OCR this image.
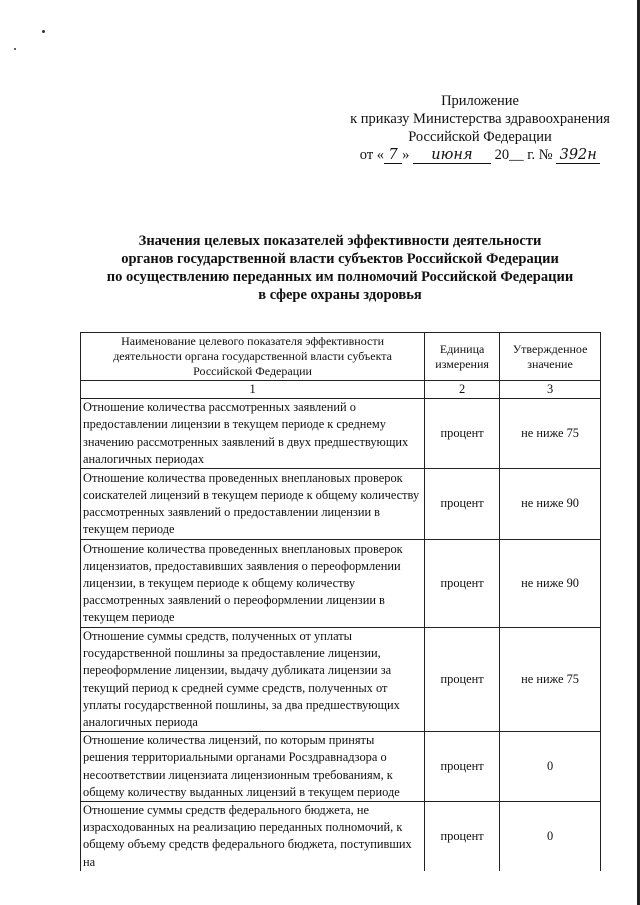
Приложение
к приказу Министерства здравоохранения
Российской Федерации
от « 7 » июня 20__ г. № 392н
Значения целевых показателей эффективности деятельности
органов государственной власти субъектов Российской Федерации
по осуществлению переданных им полномочий Российской Федерации
в сфере охраны здоровья
Наименование целевого показателя эффективности деятельности органа государственной власти субъекта Российской Федерации	Единица измерения	Утвержденное значение
1	2	3
Отношение количества рассмотренных заявлений о предоставлении лицензии в текущем периоде к среднему значению рассмотренных заявлений в двух предшествующих аналогичных периодах	процент	не ниже 75
Отношение количества проведенных внеплановых проверок соискателей лицензий в текущем периоде к общему количеству рассмотренных заявлений о предоставлении лицензии в текущем периоде	процент	не ниже 90
Отношение количества проведенных внеплановых проверок лицензиатов, предоставивших заявления о переоформлении лицензии, в текущем периоде к общему количеству рассмотренных заявлений о переоформлении лицензии в текущем периоде	процент	не ниже 90
Отношение суммы средств, полученных от уплаты государственной пошлины за предоставление лицензии, переоформление лицензии, выдачу дубликата лицензии за текущий период к средней сумме средств, полученных от уплаты государственной пошлины, за два предшествующих аналогичных периода	процент	не ниже 75
Отношение количества лицензий, по которым приняты решения территориальными органами Росздравнадзора о несоответствии лицензиата лицензионным требованиям, к общему количеству выданных лицензий в текущем периоде	процент	0
Отношение суммы средств федерального бюджета, не израсходованных на реализацию переданных полномочий, к общему объему средств федерального бюджета, поступивших на	процент	0
